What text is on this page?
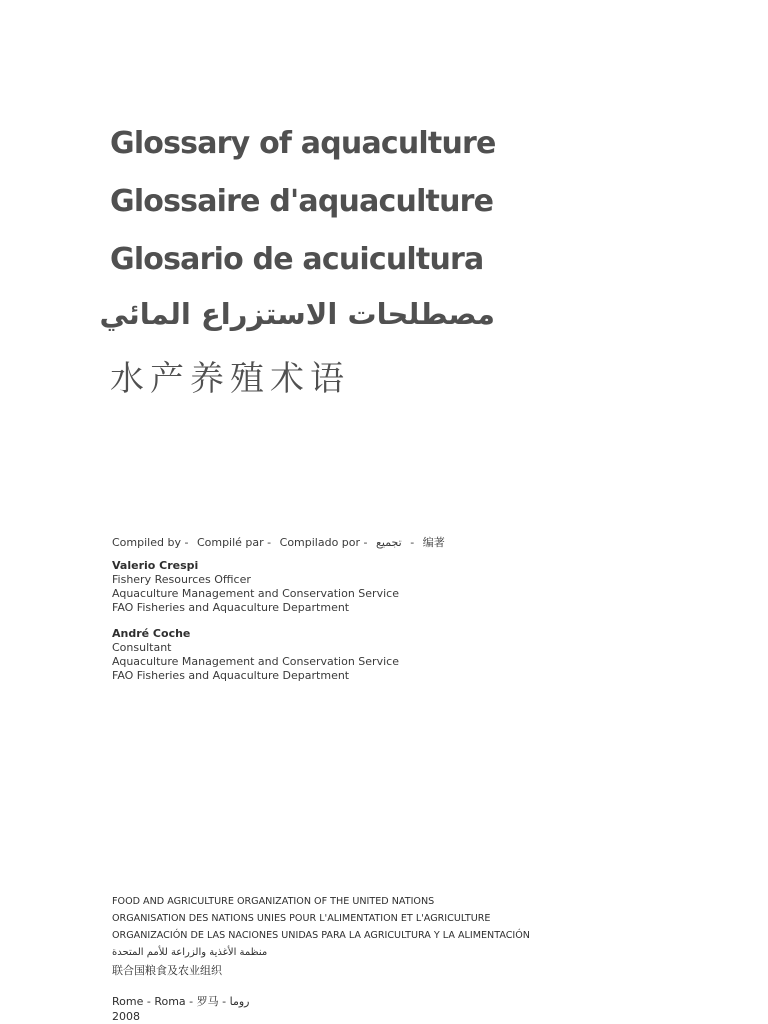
Glossary of aquaculture
Glossaire d'aquaculture
Glosario de acuicultura
مصطلحات الاستزراع المائي
水产养殖术语
Compiled by - Compilé par - Compilado por - تجميع - 编著
Valerio Crespi
Fishery Resources Officer
Aquaculture Management and Conservation Service
FAO Fisheries and Aquaculture Department
André Coche
Consultant
Aquaculture Management and Conservation Service
FAO Fisheries and Aquaculture Department
FOOD AND AGRICULTURE ORGANIZATION OF THE UNITED NATIONS
ORGANISATION DES NATIONS UNIES POUR L'ALIMENTATION ET L'AGRICULTURE
ORGANIZACIÓN DE LAS NACIONES UNIDAS PARA LA AGRICULTURA Y LA ALIMENTACIÓN
منظمة الأغذية والزراعة للأمم المتحدة
联合国粮食及农业组织
Rome - Roma - 罗马 - روما
2008
